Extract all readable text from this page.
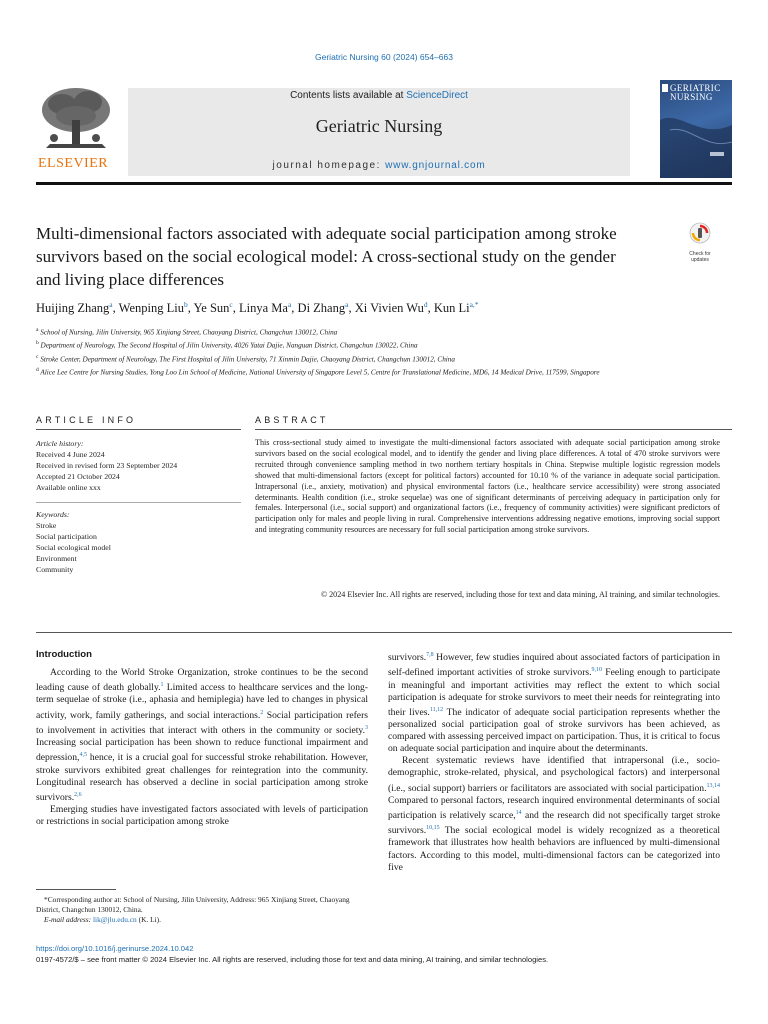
Geriatric Nursing 60 (2024) 654–663
ELSEVIER
Contents lists available at ScienceDirect
Geriatric Nursing
journal homepage: www.gnjournal.com
GERIATRIC
NURSING
Multi-dimensional factors associated with adequate social participation among stroke survivors based on the social ecological model: A cross-sectional study on the gender and living place differences
Check for
updates
Huijing Zhang$^a$, Wenping Liu$^b$, Ye Sun$^c$, Linya Ma$^a$, Di Zhang$^a$, Xi Vivien Wu$^d$, Kun $Li^{a,*}$
$^a$ School of Nursing, Jilin University, 965 Xinjiang Street, Chaoyang District, Changchun 130012, China
$^b$ Department of Neurology, The Second Hospital of Jilin University, 4026 Yatai Dajie, Nanguan District, Changchun 130022, China
$^c$ Stroke Center, Department of Neurology, The First Hospital of Jilin University, 71 Xinmin Dajie, Chaoyang District, Changchun 130012, China
$^d$ Alice Lee Centre for Nursing Studies, Yong Loo Lin School of Medicine, National University of Singapore Level 5, Centre for Translational Medicine, MD6, 14 Medical Drive, 117599, Singapore
ARTICLE INFO	ABSTRACT
Article history:
Received 4 June 2024
Received in revised form 23 September 2024
Accepted 21 October 2024
Available online xxx
Keywords:
Stroke
Social participation
Social ecological model
Environment
Community
This cross-sectional study aimed to investigate the multi-dimensional factors associated with adequate social participation among stroke survivors based on the social ecological model, and to identify the gender and living place differences. A total of 470 stroke survivors were recruited through convenience sampling method in two northern tertiary hospitals in China. Stepwise multiple logistic regression models showed that multi-dimensional factors (except for political factors) accounted for 10.10 % of the variance in adequate social participation. Intrapersonal (i.e., anxiety, motivation) and physical environmental factors (i.e., healthcare service accessibility) were strong associated determinants. Health condition (i.e., stroke sequelae) was one of significant determinants of perceiving adequacy in participation only for females. Interpersonal (i.e., social support) and organizational factors (i.e., frequency of community activities) were significant predictors of participation only for males and people living in rural. Comprehensive interventions addressing negative emotions, improving social support and integrating community resources are necessary for full social participation among stroke survivors.
© 2024 Elsevier Inc. All rights are reserved, including those for text and data mining, AI training, and similar technologies.
Introduction

According to the World Stroke Organization, stroke continues to be the second leading cause of death globally.$^1$ Limited access to healthcare services and the long-term sequelae of stroke (i.e., aphasia and hemiplegia) have led to changes in physical activity, work, family gatherings, and social interactions.$^2$ Social participation refers to involvement in activities that interact with others in the community or society.$^3$ Increasing social participation has been shown to reduce functional impairment and depression,$^{4,5}$ hence, it is a crucial goal for successful stroke rehabilitation. However, stroke survivors exhibited great challenges for reintegration into the community. Longitudinal research has observed a decline in social participation among stroke survivors.$^{2,6}$

Emerging studies have investigated factors associated with levels of participation or restrictions in social participation among stroke

survivors.$^{7,8}$ However, few studies inquired about associated factors of participation in self-defined important activities of stroke survivors.$^{9,10}$ Feeling enough to participate in meaningful and important activities may reflect the extent to which social participation is adequate for stroke survivors to meet their needs for reintegrating into their lives.$^{11,12}$ The indicator of adequate social participation represents whether the personalized social participation goal of stroke survivors has been achieved, as compared with assessing perceived impact on participation. Thus, it is critical to focus on adequate social participation and inquire about the determinants.

Recent systematic reviews have identified that intrapersonal (i.e., socio-demographic, stroke-related, physical, and psychological factors) and interpersonal (i.e., social support) barriers or facilitators are associated with social participation.$^{13,14}$ Compared to personal factors, research inquired environmental determinants of social participation is relatively scarce,$^{14}$ and the research did not specifically target stroke survivors.$^{10,15}$ The social ecological model is widely recognized as a theoretical framework that illustrates how health behaviors are influenced by multi-dimensional factors. According to this model, multi-dimensional factors can be categorized into five

*Corresponding author at: School of Nursing, Jilin University, Address: 965 Xinjiang Street, Chaoyang District, Changchun 130012, China.
E-mail address: lik@jlu.edu.cn (K. Li).
https://doi.org/10.1016/j.gerinurse.2024.10.042
0197-4572/$ – see front matter © 2024 Elsevier Inc. All rights are reserved, including those for text and data mining, AI training, and similar technologies.
